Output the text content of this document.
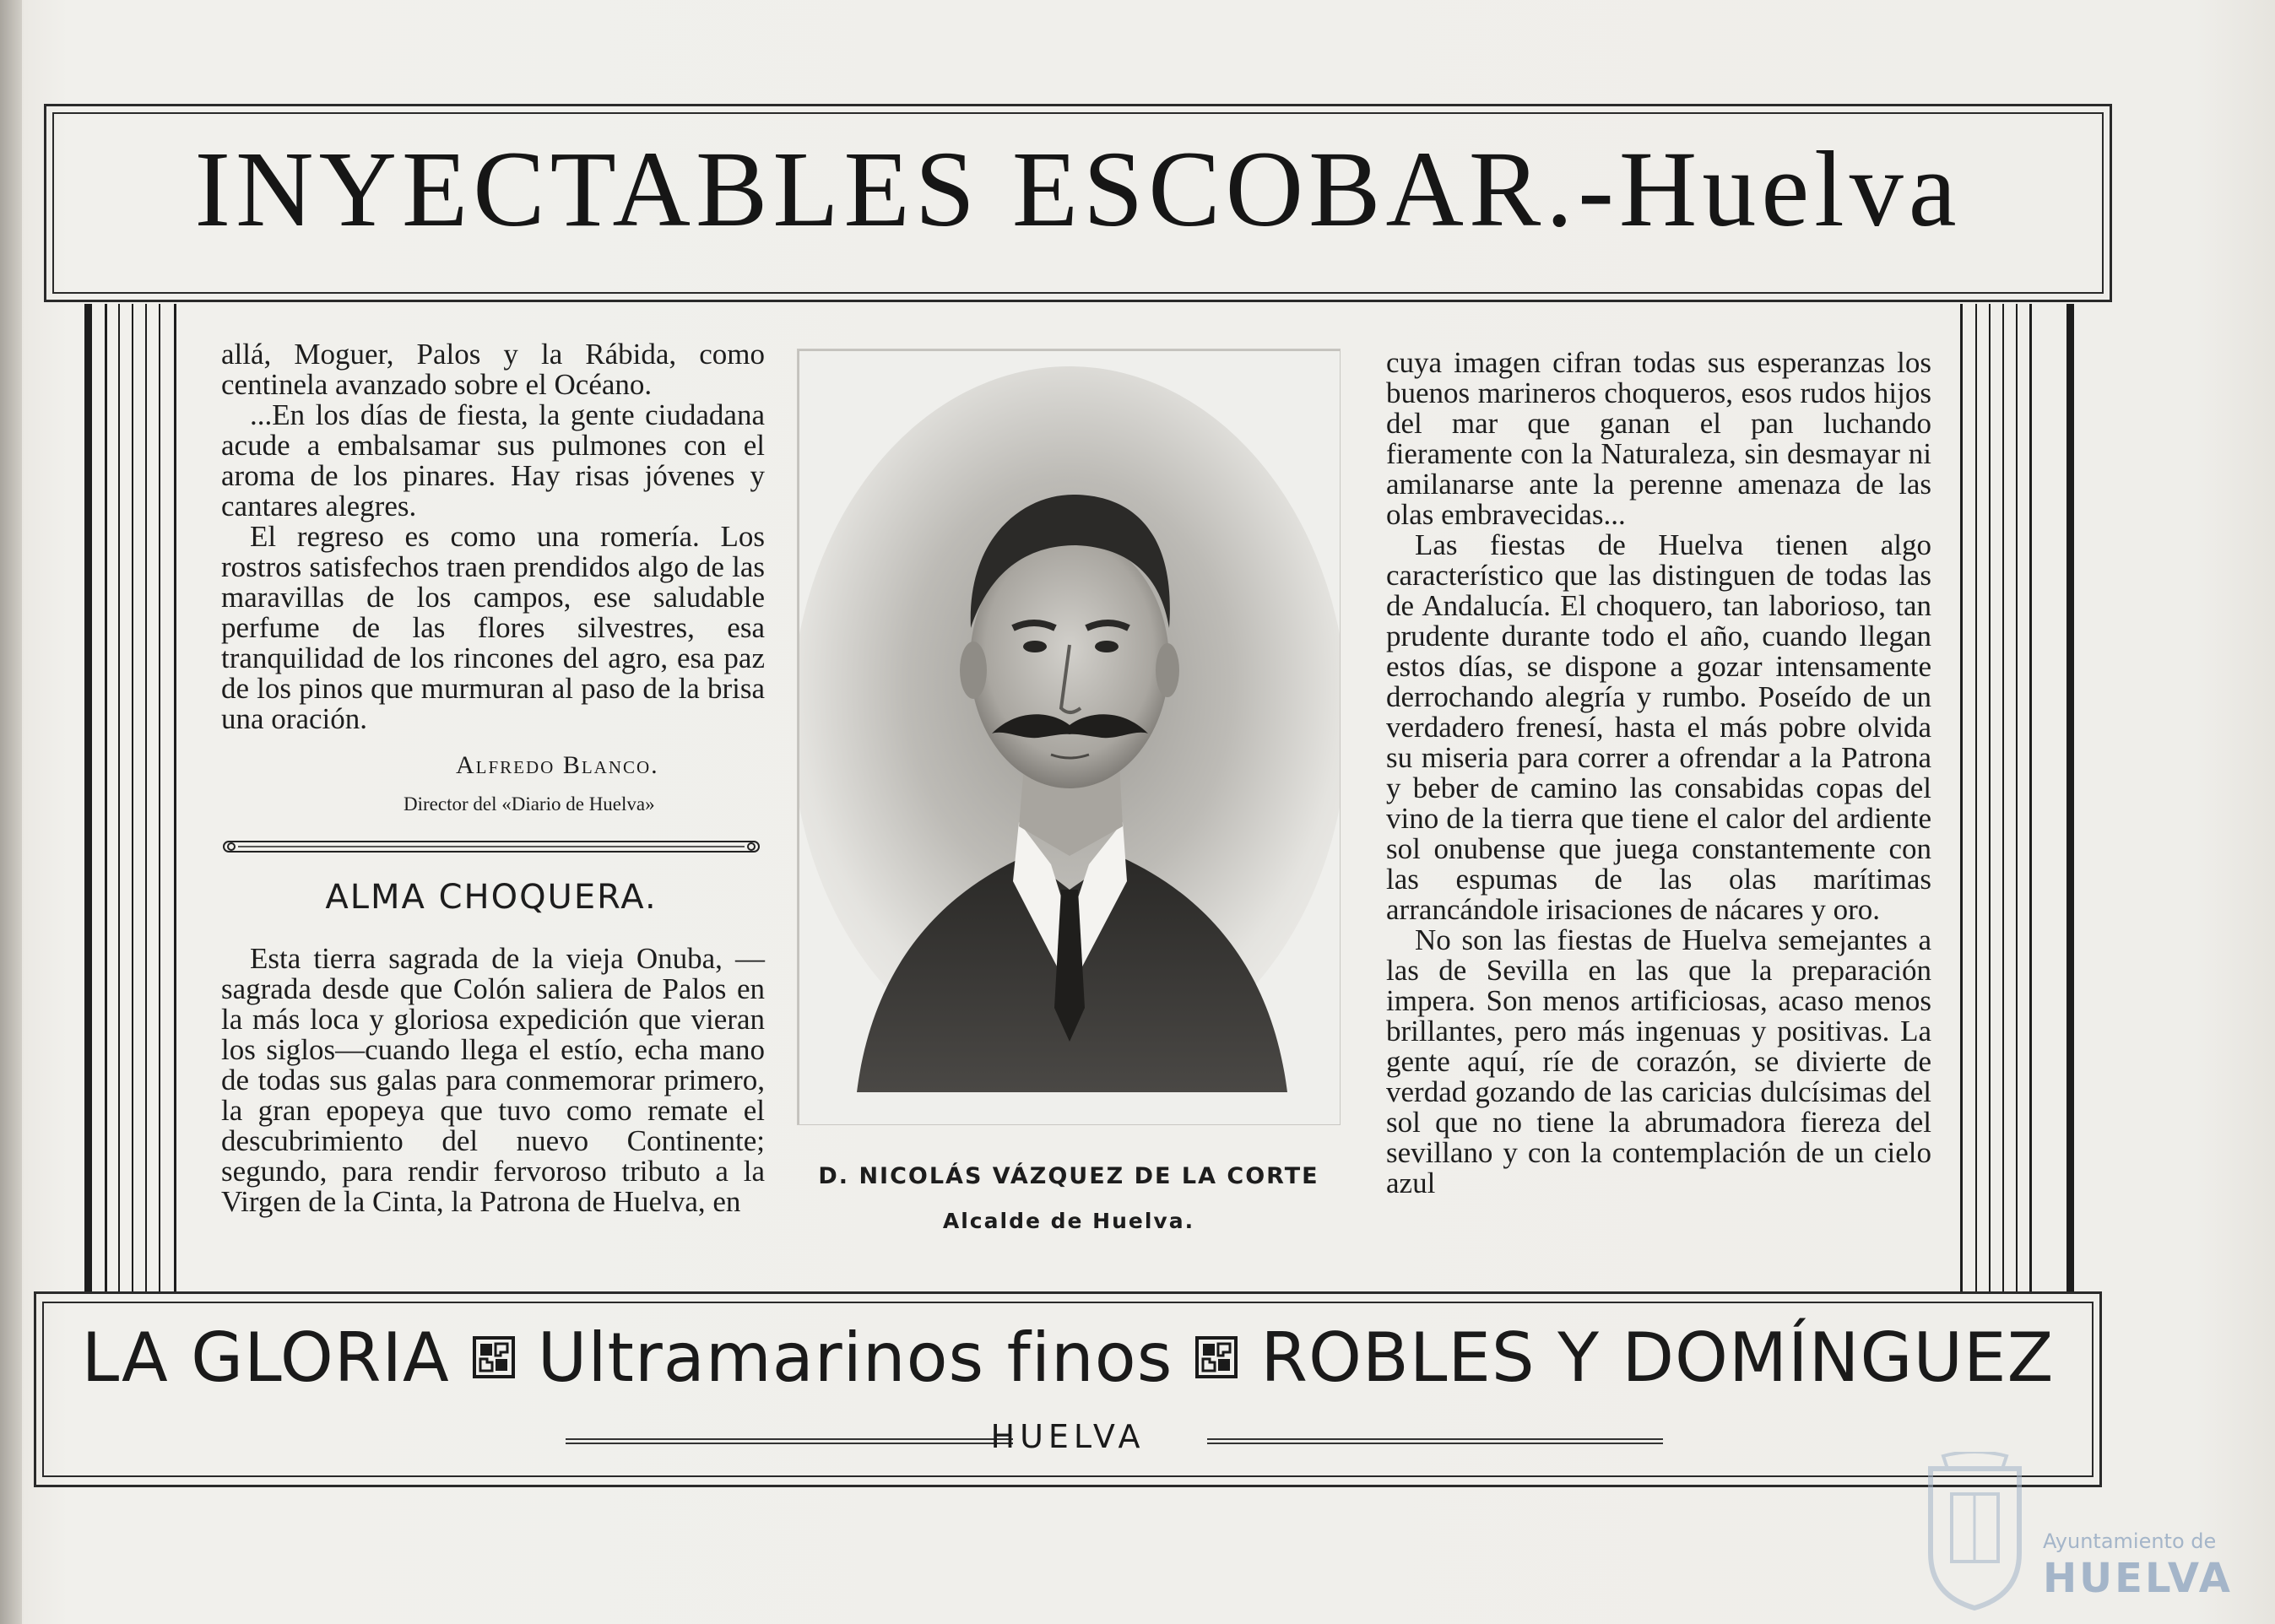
INYECTABLES ESCOBAR.-Huelva

allá, Moguer, Palos y la Rábida, como centinela avanzado sobre el Océano.

...En los días de fiesta, la gente ciudadana acude a embalsamar sus pulmones con el aroma de los pinares. Hay risas jóvenes y cantares alegres.

El regreso es como una romería. Los rostros satisfechos traen prendidos algo de las maravillas de los campos, ese saludable perfume de las flores silvestres, esa tranquilidad de los rincones del agro, esa paz de los pinos que murmuran al paso de la brisa una oración.

Alfredo Blanco.
Director del «Diario de Huelva»
ALMA CHOQUERA.

Esta tierra sagrada de la vieja Onuba, —sagrada desde que Colón saliera de Palos en la más loca y gloriosa expedición que vieran los siglos—cuando llega el estío, echa mano de todas sus galas para conmemorar primero, la gran epopeya que tuvo como remate el descubrimiento del nuevo Continente; segundo, para rendir fervoroso tributo a la Virgen de la Cinta, la Patrona de Huelva, en

D. NICOLÁS VÁZQUEZ DE LA CORTE
Alcalde de Huelva.

cuya imagen cifran todas sus esperanzas los buenos marineros choqueros, esos rudos hijos del mar que ganan el pan luchando fieramente con la Naturaleza, sin desmayar ni amilanarse ante la perenne amenaza de las olas embravecidas...

Las fiestas de Huelva tienen algo característico que las distinguen de todas las de Andalucía. El choquero, tan laborioso, tan prudente durante todo el año, cuando llegan estos días, se dispone a gozar intensamente derrochando alegría y rumbo. Poseído de un verdadero frenesí, hasta el más pobre olvida su miseria para correr a ofrendar a la Patrona y beber de camino las consabidas copas del vino de la tierra que tiene el calor del ardiente sol onubense que juega constantemente con las espumas de las olas marítimas arrancándole irisaciones de nácares y oro.

No son las fiestas de Huelva semejantes a las de Sevilla en las que la preparación impera. Son menos artificiosas, acaso menos brillantes, pero más ingenuas y positivas. La gente aquí, ríe de corazón, se divierte de verdad gozando de las caricias dulcísimas del sol que no tiene la abrumadora fiereza del sevillano y con la contemplación de un cielo azul

LA GLORIA Ultramarinos finos ROBLES Y DOMÍNGUEZ
HUELVA
Ayuntamiento de
HUELVA
